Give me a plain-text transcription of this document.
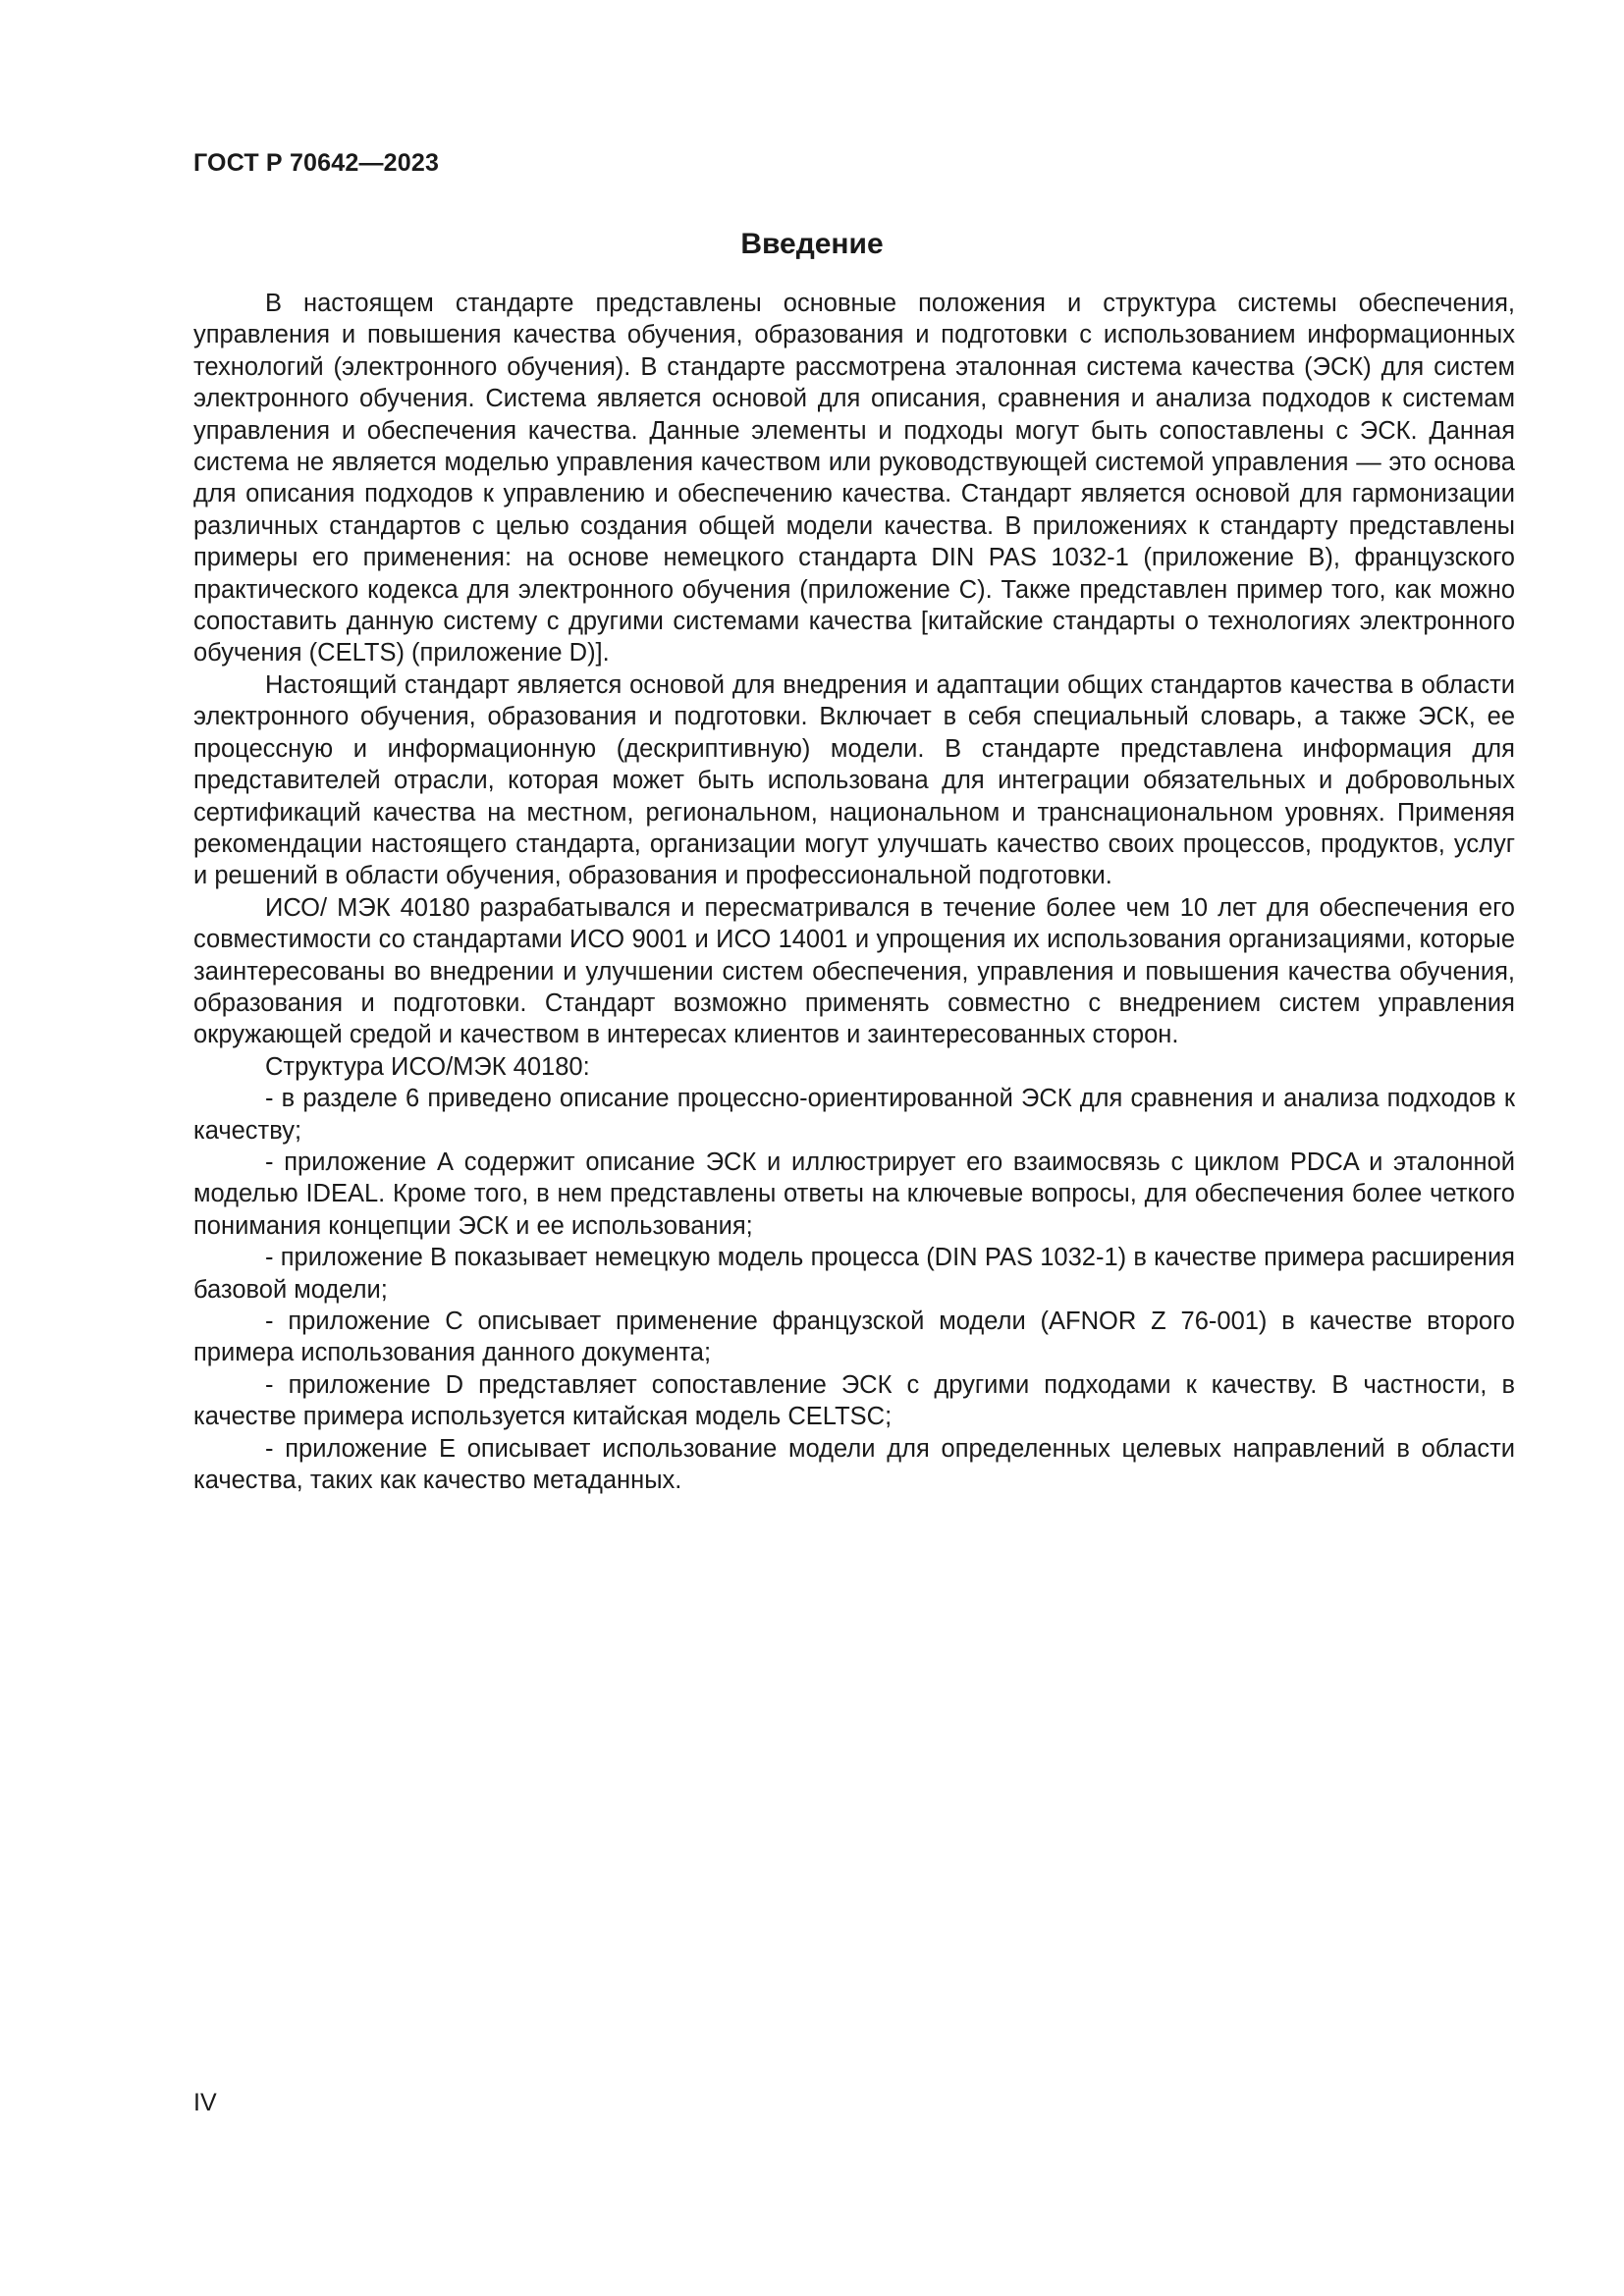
ГОСТ Р 70642—2023
Введение

В настоящем стандарте представлены основные положения и структура системы обеспечения, управления и повышения качества обучения, образования и подготовки с использованием информационных технологий (электронного обучения). В стандарте рассмотрена эталонная система качества (ЭСК) для систем электронного обучения. Система является основой для описания, сравнения и анализа подходов к системам управления и обеспечения качества. Данные элементы и подходы могут быть сопоставлены с ЭСК. Данная система не является моделью управления качеством или руководствующей системой управления — это основа для описания подходов к управлению и обеспечению качества. Стандарт является основой для гармонизации различных стандартов с целью создания общей модели качества. В приложениях к стандарту представлены примеры его применения: на основе немецкого стандарта DIN PAS 1032-1 (приложение В), французского практического кодекса для электронного обучения (приложение С). Также представлен пример того, как можно сопоставить данную систему с другими системами качества [китайские стандарты о технологиях электронного обучения (CELTS) (приложение D)].

Настоящий стандарт является основой для внедрения и адаптации общих стандартов качества в области электронного обучения, образования и подготовки. Включает в себя специальный словарь, а также ЭСК, ее процессную и информационную (дескриптивную) модели. В стандарте представлена информация для представителей отрасли, которая может быть использована для интеграции обязательных и добровольных сертификаций качества на местном, региональном, национальном и транснациональном уровнях. Применяя рекомендации настоящего стандарта, организации могут улучшать качество своих процессов, продуктов, услуг и решений в области обучения, образования и профессиональной подготовки.

ИСО/ МЭК 40180 разрабатывался и пересматривался в течение более чем 10 лет для обеспечения его совместимости со стандартами ИСО 9001 и ИСО 14001 и упрощения их использования организациями, которые заинтересованы во внедрении и улучшении систем обеспечения, управления и повышения качества обучения, образования и подготовки. Стандарт возможно применять совместно с внедрением систем управления окружающей средой и качеством в интересах клиентов и заинтересованных сторон.

Структура ИСО/МЭК 40180:

- в разделе 6 приведено описание процессно-ориентированной ЭСК для сравнения и анализа подходов к качеству;

- приложение А содержит описание ЭСК и иллюстрирует его взаимосвязь с циклом PDCA и эталонной моделью IDEAL. Кроме того, в нем представлены ответы на ключевые вопросы, для обеспечения более четкого понимания концепции ЭСК и ее использования;

- приложение В показывает немецкую модель процесса (DIN PAS 1032-1) в качестве примера расширения базовой модели;

- приложение С описывает применение французской модели (AFNOR Z 76-001) в качестве второго примера использования данного документа;

- приложение D представляет сопоставление ЭСК с другими подходами к качеству. В частности, в качестве примера используется китайская модель CELTSC;

- приложение Е описывает использование модели для определенных целевых направлений в области качества, таких как качество метаданных.

IV
